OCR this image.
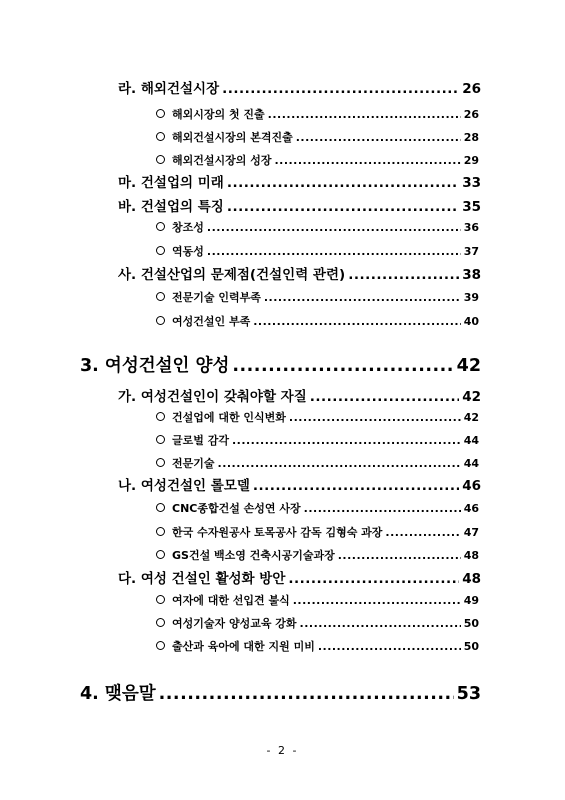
라. 해외건설시장 .....	26
해외시장의 첫 진출 .....	26
해외건설시장의 본격진출 .....	28
해외건설시장의 성장 .....	29
마. 건설업의 미래 .....	33
바. 건설업의 특징 .....	35
창조성 .....	36
역동성 .....	37
사. 건설산업의 문제점(건설인력 관련) .....	38
전문기술 인력부족 .....	39
여성건설인 부족 .....	40
3. 여성건설인 양성 .....	42
가. 여성건설인이 갖춰야할 자질 .....	42
건설업에 대한 인식변화 .....	42
글로벌 감각 .....	44
전문기술 .....	44
나. 여성건설인 롤모델 .....	46
CNC종합건설 손성연 사장 .....	46
한국 수자원공사 토목공사 감독 김형숙 과장 .....	47
GS건설 백소영 건축시공기술과장 .....	48
다. 여성 건설인 활성화 방안 .....	48
여자에 대한 선입견 불식 .....	49
여성기술자 양성교육 강화 .....	50
출산과 육아에 대한 지원 미비 .....	50
4. 맺음말 .....	53
- 2 -
